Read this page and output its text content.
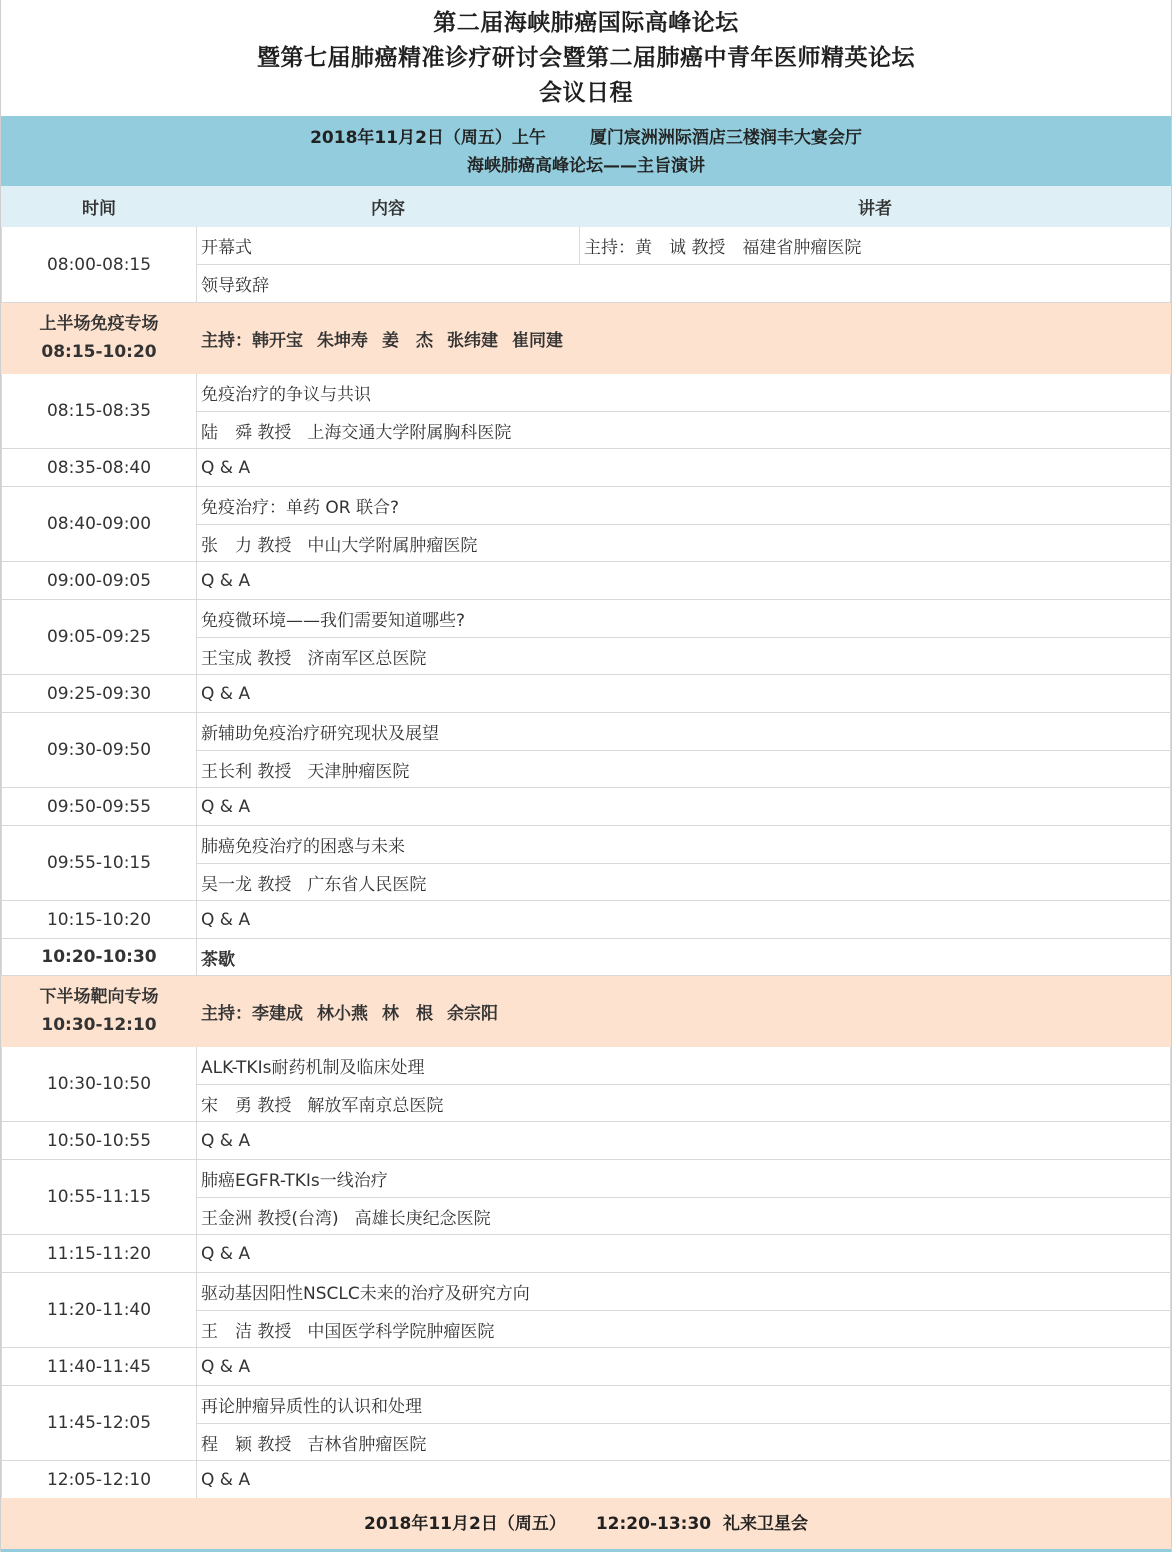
第二届海峡肺癌国际高峰论坛
暨第七届肺癌精准诊疗研讨会暨第二届肺癌中青年医师精英论坛
会议日程
2018年11月2日（周五）上午	厦门宸洲洲际酒店三楼润丰大宴会厅
海峡肺癌高峰论坛——主旨演讲
时间	内容	讲者
08:00-08:15	开幕式	主持：黄　诚 教授　福建省肿瘤医院
	领导致辞	

上半场免疫专场
08:15-10:20	主持：韩开宝 朱坤寿 姜　杰 张纬建 崔同建	
08:15-08:35	免疫治疗的争议与共识	
	陆　舜 教授 上海交通大学附属胸科医院	
08:35-08:40	Q & A	
08:40-09:00	免疫治疗：单药 OR 联合?	
	张　力 教授 中山大学附属肿瘤医院	
09:00-09:05	Q & A	
09:05-09:25	免疫微环境——我们需要知道哪些?	
	王宝成 教授 济南军区总医院	
09:25-09:30	Q & A	
09:30-09:50	新辅助免疫治疗研究现状及展望	
	王长利 教授 天津肿瘤医院	
09:50-09:55	Q & A	
09:55-10:15	肺癌免疫治疗的困惑与未来	
	吴一龙 教授 广东省人民医院	
10:15-10:20	Q & A	
10:20-10:30	茶歇	

下半场靶向专场
10:30-12:10	主持：李建成 林小燕 林　根 余宗阳	
10:30-10:50	ALK-TKIs耐药机制及临床处理	
	宋　勇 教授 解放军南京总医院	
10:50-10:55	Q & A	
10:55-11:15	肺癌EGFR-TKIs一线治疗	
	王金洲 教授(台湾) 高雄长庚纪念医院	
11:15-11:20	Q & A	
11:20-11:40	驱动基因阳性NSCLC未来的治疗及研究方向	
	王　洁 教授 中国医学科学院肿瘤医院	
11:40-11:45	Q & A	
11:45-12:05	再论肿瘤异质性的认识和处理	
	程　颖 教授 吉林省肿瘤医院	
12:05-12:10	Q & A	
2018年11月2日（周五） 12:20-13:30 礼来卫星会
